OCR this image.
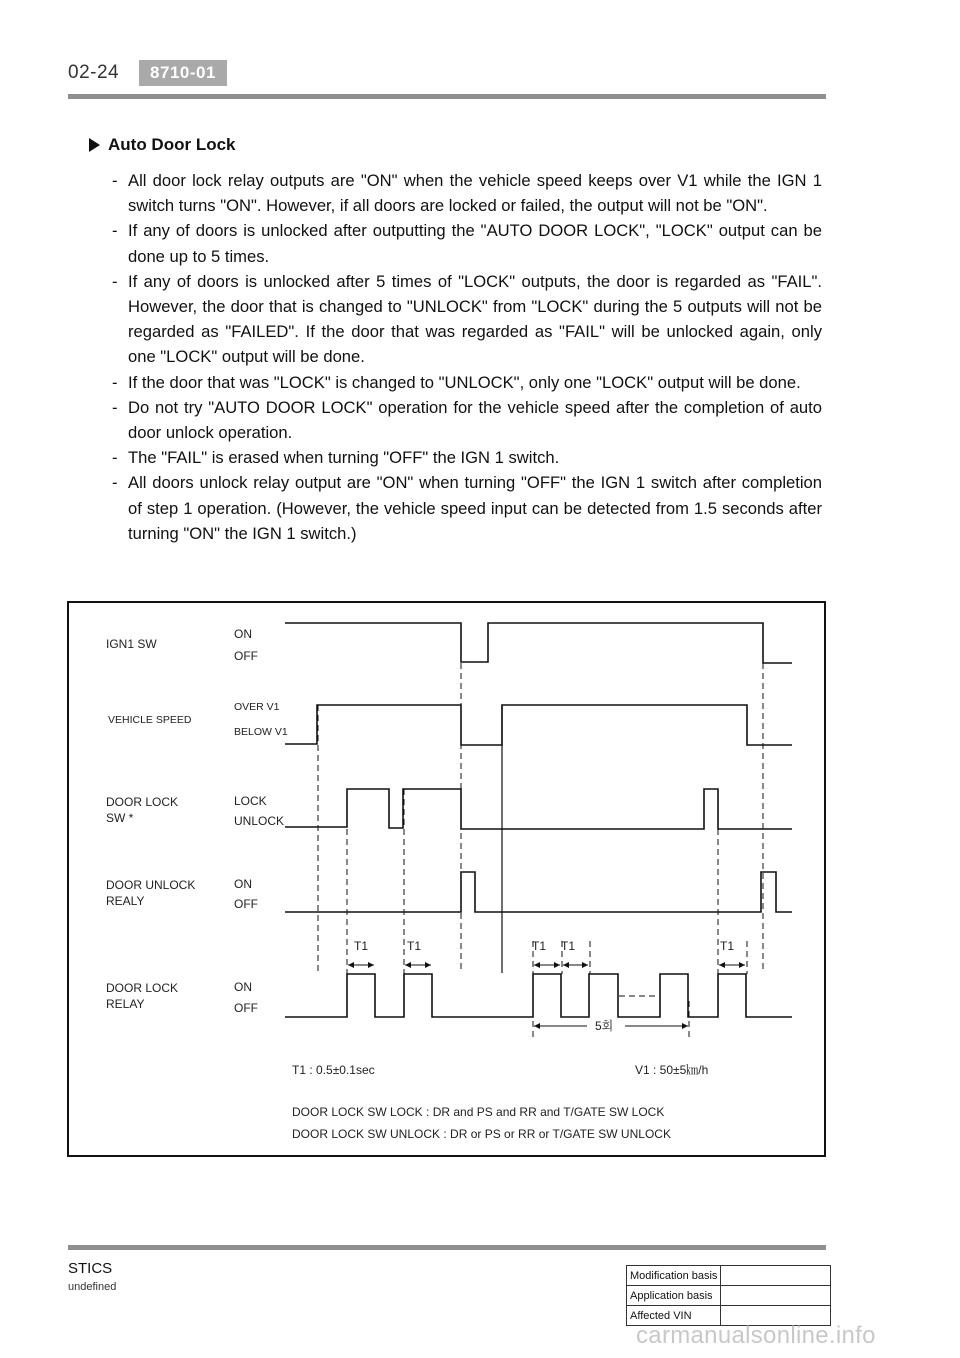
02-24	8710-01
Auto Door Lock
- All door lock relay outputs are "ON" when the vehicle speed keeps over V1 while the IGN 1 switch turns "ON". However, if all doors are locked or failed, the output will not be "ON".
- If any of doors is unlocked after outputting the "AUTO DOOR LOCK", "LOCK" output can be done up to 5 times.
- If any of doors is unlocked after 5 times of "LOCK" outputs, the door is regarded as "FAIL". However, the door that is changed to "UNLOCK" from "LOCK" during the 5 outputs will not be regarded as "FAILED". If the door that was regarded as "FAIL" will be unlocked again, only one "LOCK" output will be done.
- If the door that was "LOCK" is changed to "UNLOCK", only one "LOCK" output will be done.
- Do not try "AUTO DOOR LOCK" operation for the vehicle speed after the completion of auto door unlock operation.
- The "FAIL" is erased when turning "OFF" the IGN 1 switch.
- All doors unlock relay output are "ON" when turning "OFF" the IGN 1 switch after completion of step 1 operation. (However, the vehicle speed input can be detected from 1.5 seconds after turning "ON" the IGN 1 switch.)
IGN1 SW
VEHICLE SPEED
DOOR LOCK
SW *
DOOR UNLOCK
REALY
DOOR LOCK
RELAY
ON
OFF
OVER V1
BELOW V1
LOCK
UNLOCK
ON
OFF
ON
OFF
T1	T1	T1 T1	T1
5회
T1 : 0.5±0.1sec	V1 : 50±5㎞/h
DOOR LOCK SW LOCK : DR and PS and RR and T/GATE SW LOCK
DOOR LOCK SW UNLOCK : DR or PS or RR or T/GATE SW UNLOCK
STICS
undefined
Modification basis	
Application basis	
Affected VIN	
carmanualsonline.info
